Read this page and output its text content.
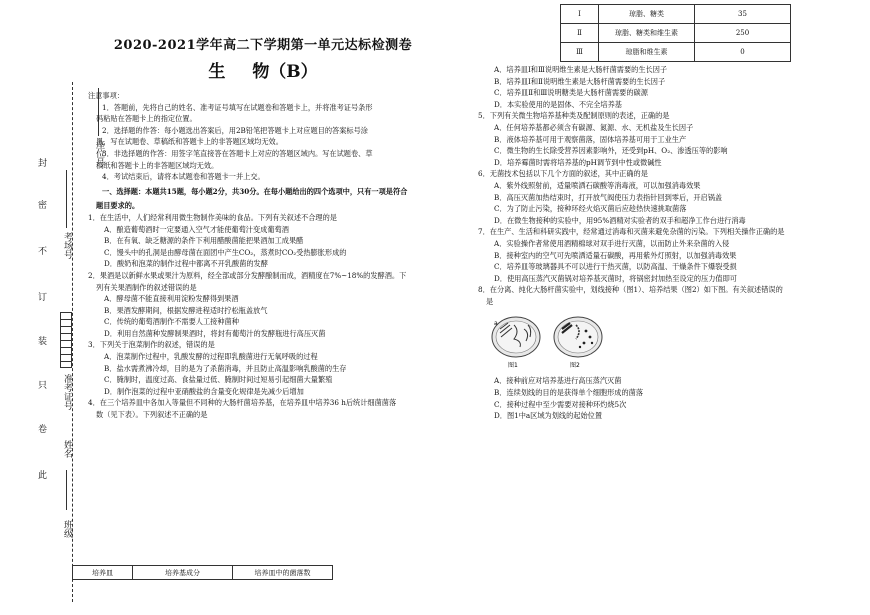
座位号
考场号
准考证号
姓名
班级
封
密
不
订
装
只
卷
此
2020-2021学年高二下学期第一单元达标检测卷
生  物（B）

注意事项：

1．答题前，先将自己的姓名、准考证号填写在试题卷和答题卡上，并将准考证号条形

码粘贴在答题卡上的指定位置。

2．选择题的作答：每小题选出答案后，用2B铅笔把答题卡上对应题目的答案标号涂

黑，写在试题卷、草稿纸和答题卡上的非答题区域均无效。

3．非选择题的作答：用签字笔直接答在答题卡上对应的答题区域内。写在试题卷、草

稿纸和答题卡上的非答题区域均无效。

4．考试结束后，请将本试题卷和答题卡一并上交。

一、选择题：本题共15题，每小题2分，共30分。在每小题给出的四个选项中，只有一项是符合

题目要求的。

1．在生活中，人们经常利用微生物制作美味的食品。下列有关叙述不合理的是

A．酿造葡萄酒时一定要通入空气才能使葡萄汁变成葡萄酒

B．在有氧、缺乏糖源的条件下利用醋酸菌能把果酒加工成果醋

C．馒头中的孔洞是由酵母菌在面团中产生CO₂，蒸煮时CO₂受热膨胀形成的

D．酸奶和泡菜的制作过程中都离不开乳酸菌的发酵

2．果酒是以新鲜水果或果汁为原料，经全部或部分发酵酿制而成，酒精度在7%~18%的发酵酒。下

列有关果酒制作的叙述错误的是

A．酵母菌不能直接利用淀粉发酵得到果酒

B．果酒发酵期间，根据发酵进程适时拧松瓶盖放气

C．传统的葡萄酒制作不需要人工接种菌种

D．利用自然菌种发酵制果酒时，将封有葡萄汁的发酵瓶进行高压灭菌

3．下列关于泡菜制作的叙述，错误的是

A．泡菜制作过程中，乳酸发酵的过程即乳酸菌进行无氧呼吸的过程

B．盐水需煮沸冷却，目的是为了杀菌消毒，并且防止高温影响乳酸菌的生存

C．腌制时，温度过高、食盐量过低、腌制时间过短易引起细菌大量繁殖

D．制作泡菜的过程中亚硝酸盐的含量变化规律是先减少后增加

4．在三个培养皿中各加入等量但不同种的大肠杆菌培养基，在培养皿中培养36 h后统计细菌菌落

数（见下表）。下列叙述不正确的是

培养皿	培养基成分	培养皿中的菌落数
Ⅰ	琼脂、糖类	35
Ⅱ	琼脂、糖类和维生素	250
Ⅲ	琼脂和维生素	0

A．培养皿Ⅰ和Ⅲ说明维生素是大肠杆菌需要的生长因子

B．培养皿Ⅰ和Ⅱ说明维生素是大肠杆菌需要的生长因子

C．培养皿Ⅱ和Ⅲ说明糖类是大肠杆菌需要的碳源

D．本实验使用的是固体、不完全培养基

5．下列有关微生物培养基种类及配制原则的表述，正确的是

A．任何培养基都必须含有碳源、氮源、水、无机盐及生长因子

B．液体培养基可用于观察菌落，固体培养基可用于工业生产

C．微生物的生长除受营养因素影响外，还受到pH、O₂、渗透压等的影响

D．培养霉菌时需将培养基的pH调节到中性或微碱性

6．无菌技术包括以下几个方面的叙述，其中正确的是

A．紫外线照射前，适量喷洒石碳酸等消毒液，可以加强消毒效果

B．高压灭菌加热结束时，打开放气阀使压力表指针回到零后，开启锅盖

C．为了防止污染，接种环经火焰灭菌后应趁热快速挑取菌落

D．在微生物接种的实验中，用95%酒精对实验者的双手和超净工作台进行消毒

7．在生产、生活和科研实践中，经常通过消毒和灭菌来避免杂菌的污染。下列相关操作正确的是

A．实验操作者常使用酒精棉球对双手进行灭菌，以而防止外来杂菌的入侵

B．接种室内的空气可先喷洒适量石碳酸，再用紫外灯照射，以加强消毒效果

C．培养皿等玻璃器具不可以进行干热灭菌，以防高温、干燥条件下爆裂受损

D．使用高压蒸汽灭菌锅对培养基灭菌时，将锅密封加热至设定的压力值即可

8．在分离、纯化大肠杆菌实验中，划线接种（图1）、培养结果（图2）如下图。有关叙述错误的

是

图1	图2
a

A．接种前应对培养基进行高压蒸汽灭菌

B．连续划线的目的是获得单个细胞形成的菌落

C．接种过程中至少需要对接种环灼烧5次

D．图1中a区域为划线的起始位置
